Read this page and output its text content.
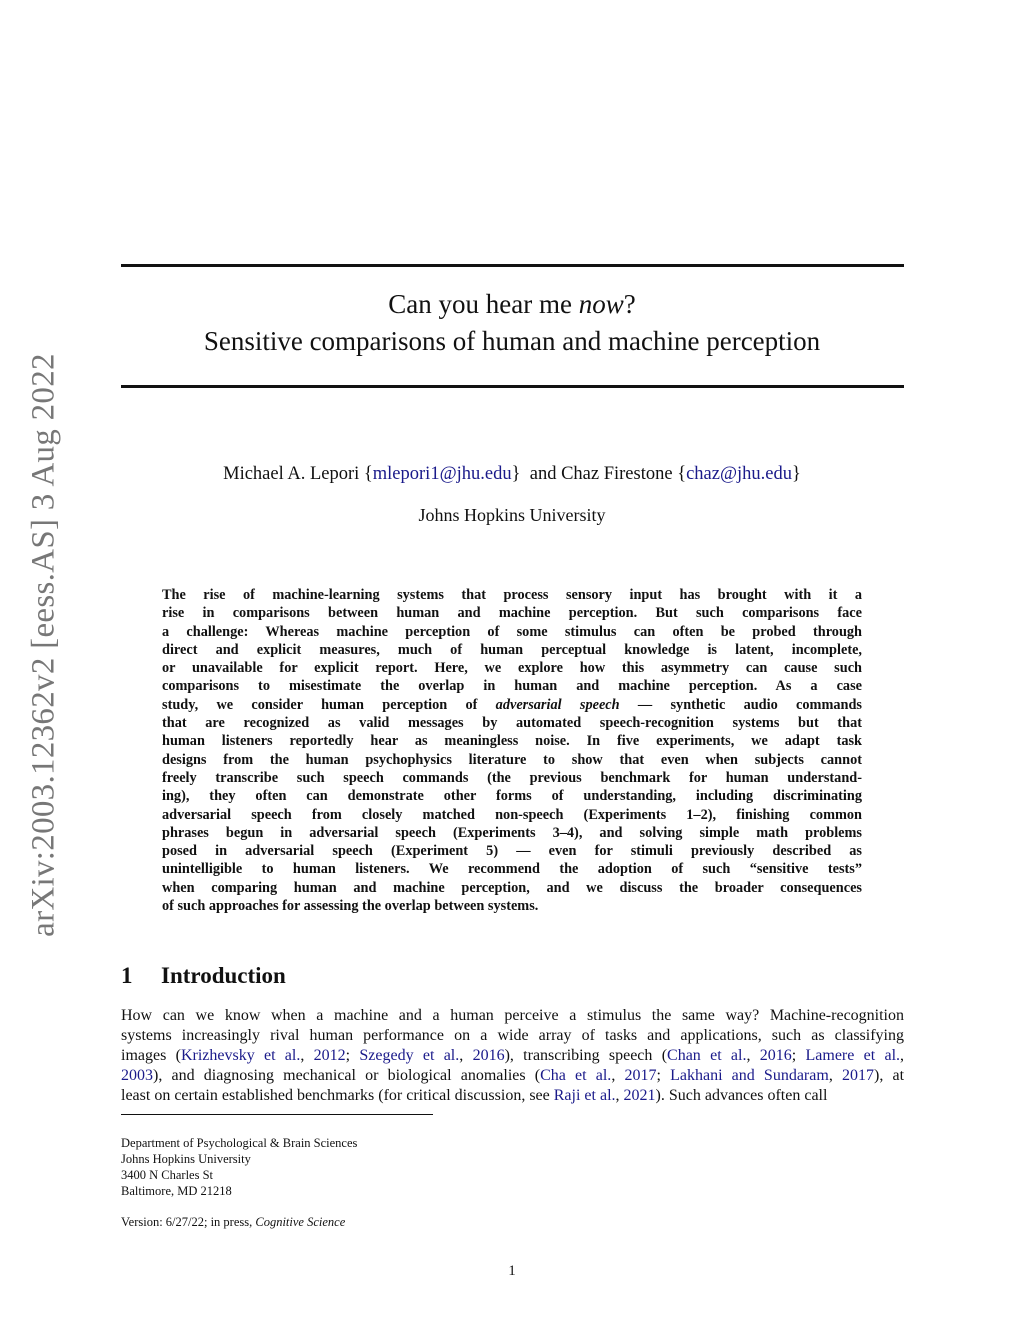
arXiv:2003.12362v2 [eess.AS] 3 Aug 2022
Can you hear me now?
Sensitive comparisons of human and machine perception
Michael A. Lepori {mlepori1@jhu.edu}  and Chaz Firestone {chaz@jhu.edu}
Johns Hopkins University
The rise of machine-learning systems that process sensory input has brought with it a
rise in comparisons between human and machine perception. But such comparisons face
a challenge: Whereas machine perception of some stimulus can often be probed through
direct and explicit measures, much of human perceptual knowledge is latent, incomplete,
or unavailable for explicit report. Here, we explore how this asymmetry can cause such
comparisons to misestimate the overlap in human and machine perception. As a case
study, we consider human perception of adversarial speech — synthetic audio commands
that are recognized as valid messages by automated speech-recognition systems but that
human listeners reportedly hear as meaningless noise. In five experiments, we adapt task
designs from the human psychophysics literature to show that even when subjects cannot
freely transcribe such speech commands (the previous benchmark for human understand-
ing), they often can demonstrate other forms of understanding, including discriminating
adversarial speech from closely matched non-speech (Experiments 1–2), finishing common
phrases begun in adversarial speech (Experiments 3–4), and solving simple math problems
posed in adversarial speech (Experiment 5) — even for stimuli previously described as
unintelligible to human listeners. We recommend the adoption of such “sensitive tests”
when comparing human and machine perception, and we discuss the broader consequences
of such approaches for assessing the overlap between systems.
1 Introduction
How can we know when a machine and a human perceive a stimulus the same way? Machine-recognition
systems increasingly rival human performance on a wide array of tasks and applications, such as classifying
images (Krizhevsky et al., 2012; Szegedy et al., 2016), transcribing speech (Chan et al., 2016; Lamere et al.,
2003), and diagnosing mechanical or biological anomalies (Cha et al., 2017; Lakhani and Sundaram, 2017), at
least on certain established benchmarks (for critical discussion, see Raji et al., 2021). Such advances often call
Department of Psychological & Brain Sciences
Johns Hopkins University
3400 N Charles St
Baltimore, MD 21218
Version: 6/27/22; in press, Cognitive Science
1
